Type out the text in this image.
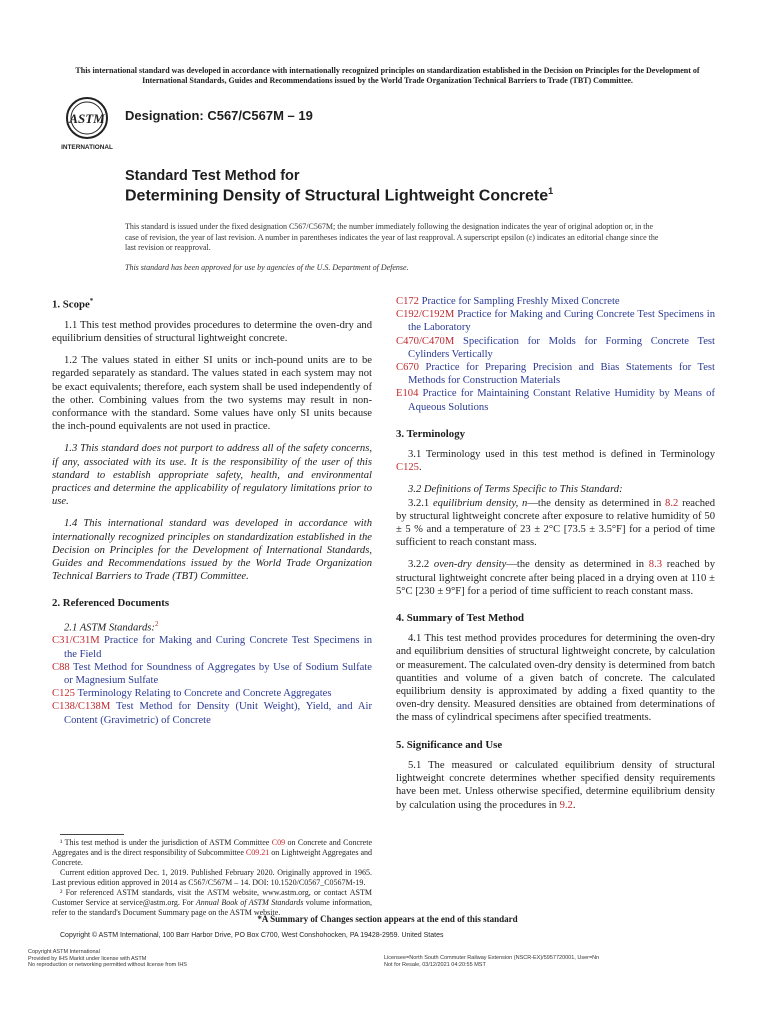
This international standard was developed in accordance with internationally recognized principles on standardization established in the Decision on Principles for the Development of International Standards, Guides and Recommendations issued by the World Trade Organization Technical Barriers to Trade (TBT) Committee.
ASTM
INTERNATIONAL
Designation: C567/C567M – 19
Standard Test Method for
Determining Density of Structural Lightweight Concrete$^1$
This standard is issued under the fixed designation C567/C567M; the number immediately following the designation indicates the year of original adoption or, in the case of revision, the year of last revision. A number in parentheses indicates the year of last reapproval. A superscript epsilon (ε) indicates an editorial change since the last revision or reapproval.
This standard has been approved for use by agencies of the U.S. Department of Defense.
1. Scope*

1.1 This test method provides procedures to determine the oven-dry and equilibrium densities of structural lightweight concrete.

1.2 The values stated in either SI units or inch-pound units are to be regarded separately as standard. The values stated in each system may not be exact equivalents; therefore, each system shall be used independently of the other. Combining values from the two systems may result in non-conformance with the standard. Some values have only SI units because the inch-pound equivalents are not used in practice.

1.3 This standard does not purport to address all of the safety concerns, if any, associated with its use. It is the responsibility of the user of this standard to establish appropriate safety, health, and environmental practices and determine the applicability of regulatory limitations prior to use.

1.4 This international standard was developed in accordance with internationally recognized principles on standardization established in the Decision on Principles for the Development of International Standards, Guides and Recommendations issued by the World Trade Organization Technical Barriers to Trade (TBT) Committee.

2. Referenced Documents

2.1 ASTM Standards:$^2$

C31/C31M Practice for Making and Curing Concrete Test Specimens in the Field

C88 Test Method for Soundness of Aggregates by Use of Sodium Sulfate or Magnesium Sulfate

C125 Terminology Relating to Concrete and Concrete Aggregates

C138/C138M Test Method for Density (Unit Weight), Yield, and Air Content (Gravimetric) of Concrete

¹ This test method is under the jurisdiction of ASTM Committee C09 on Concrete and Concrete Aggregates and is the direct responsibility of Subcommittee C09.21 on Lightweight Aggregates and Concrete.

Current edition approved Dec. 1, 2019. Published February 2020. Originally approved in 1965. Last previous edition approved in 2014 as C567/C567M – 14. DOI: 10.1520/C0567_C0567M-19.

² For referenced ASTM standards, visit the ASTM website, www.astm.org, or contact ASTM Customer Service at service@astm.org. For Annual Book of ASTM Standards volume information, refer to the standard's Document Summary page on the ASTM website.

C172 Practice for Sampling Freshly Mixed Concrete

C192/C192M Practice for Making and Curing Concrete Test Specimens in the Laboratory

C470/C470M Specification for Molds for Forming Concrete Test Cylinders Vertically

C670 Practice for Preparing Precision and Bias Statements for Test Methods for Construction Materials

E104 Practice for Maintaining Constant Relative Humidity by Means of Aqueous Solutions

3. Terminology

3.1 Terminology used in this test method is defined in Terminology C125.

3.2 Definitions of Terms Specific to This Standard:

3.2.1 equilibrium density, n—the density as determined in 8.2 reached by structural lightweight concrete after exposure to relative humidity of 50 ± 5 % and a temperature of 23 ± 2°C [73.5 ± 3.5°F] for a period of time sufficient to reach constant mass.

3.2.2 oven-dry density—the density as determined in 8.3 reached by structural lightweight concrete after being placed in a drying oven at 110 ± 5°C [230 ± 9°F] for a period of time sufficient to reach constant mass.

4. Summary of Test Method

4.1 This test method provides procedures for determining the oven-dry and equilibrium densities of structural lightweight concrete, by calculation or measurement. The calculated oven-dry density is determined from batch quantities and volume of a given batch of concrete. The calculated equilibrium density is approximated by adding a fixed quantity to the oven-dry density. Measured densities are obtained from determinations of the mass of cylindrical specimens after specified treatments.

5. Significance and Use

5.1 The measured or calculated equilibrium density of structural lightweight concrete determines whether specified density requirements have been met. Unless otherwise specified, determine equilibrium density by calculation using the procedures in 9.2.

*A Summary of Changes section appears at the end of this standard
Copyright © ASTM International, 100 Barr Harbor Drive, PO Box C700, West Conshohocken, PA 19428-2959. United States
Copyright ASTM International
Provided by IHS Markit under license with ASTM
No reproduction or networking permitted without license from IHS
Licensee=North South Commuter Railway Extension (NSCR-EX)/5957720001, User=Nn
Not for Resale, 03/12/2021 04:20:55 MST
